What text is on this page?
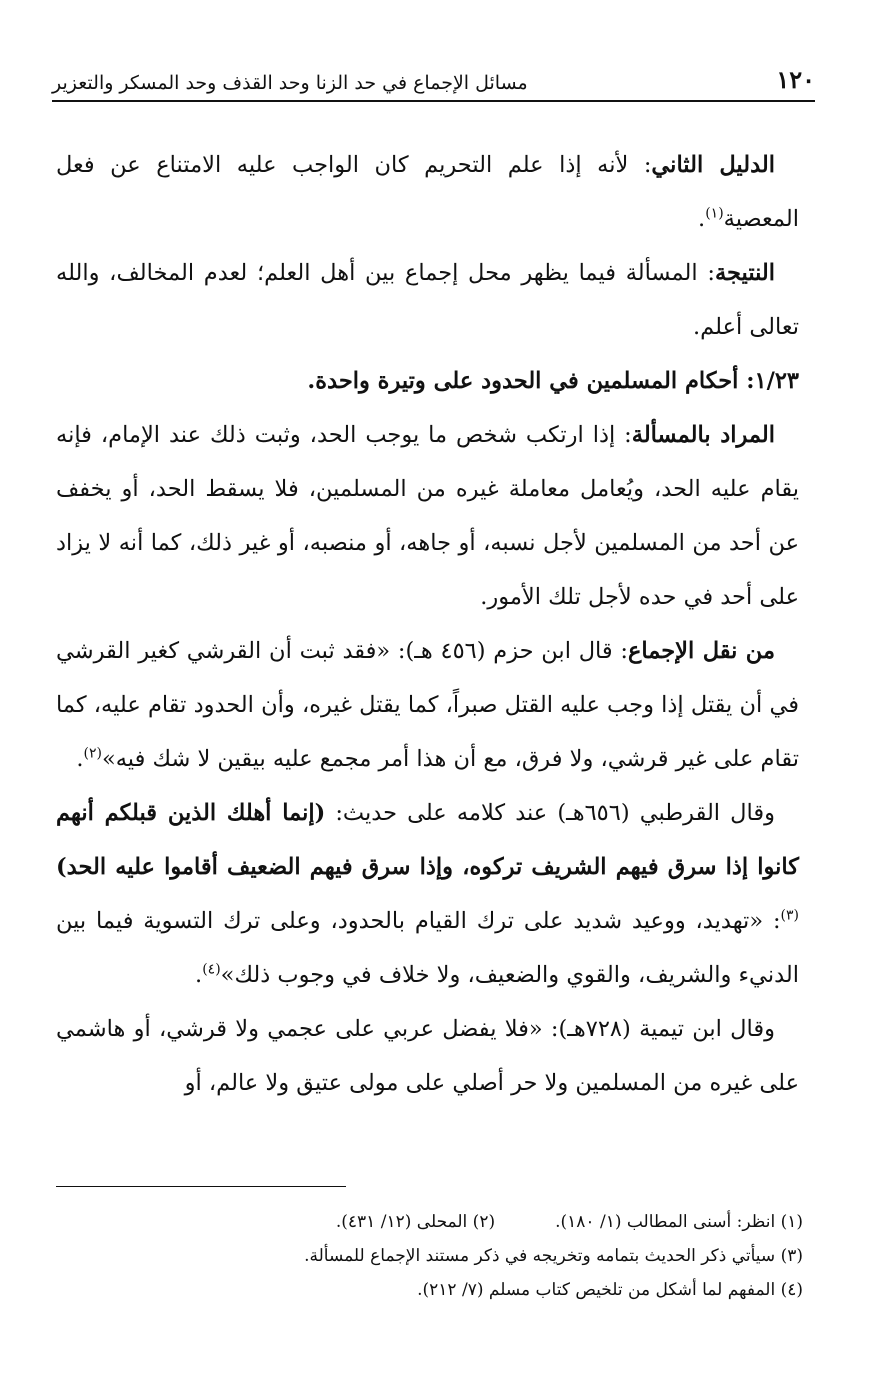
١٢٠
مسائل الإجماع في حد الزنا وحد القذف وحد المسكر والتعزير

الدليل الثاني: لأنه إذا علم التحريم كان الواجب عليه الامتناع عن فعل المعصية$^{(١)}$.

النتيجة: المسألة فيما يظهر محل إجماع بين أهل العلم؛ لعدم المخالف، والله تعالى أعلم.

١/٢٣: أحكام المسلمين في الحدود على وتيرة واحدة.

المراد بالمسألة: إذا ارتكب شخص ما يوجب الحد، وثبت ذلك عند الإمام، فإنه يقام عليه الحد، ويُعامل معاملة غيره من المسلمين، فلا يسقط الحد، أو يخفف عن أحد من المسلمين لأجل نسبه، أو جاهه، أو منصبه، أو غير ذلك، كما أنه لا يزاد على أحد في حده لأجل تلك الأمور.

من نقل الإجماع: قال ابن حزم (٤٥٦ هـ): «فقد ثبت أن القرشي كغير القرشي في أن يقتل إذا وجب عليه القتل صبراً، كما يقتل غيره، وأن الحدود تقام عليه، كما تقام على غير قرشي، ولا فرق، مع أن هذا أمر مجمع عليه بيقين لا شك فيه»$^{(٢)}$.

وقال القرطبي (٦٥٦هـ) عند كلامه على حديث: (إنما أهلك الذين قبلكم أنهم كانوا إذا سرق فيهم الشريف تركوه، وإذا سرق فيهم الضعيف أقاموا عليه الحد)$^{(٣)}$: «تهديد، ووعيد شديد على ترك القيام بالحدود، وعلى ترك التسوية فيما بين الدنيء والشريف، والقوي والضعيف، ولا خلاف في وجوب ذلك»$^{(٤)}$.

وقال ابن تيمية (٧٢٨هـ): «فلا يفضل عربي على عجمي ولا قرشي، أو هاشمي على غيره من المسلمين ولا حر أصلي على مولى عتيق ولا عالم، أو

(١) انظر: أسنى المطالب (١/ ١٨٠).
(٢) المحلى (١٢/ ٤٣١).
(٣) سيأتي ذكر الحديث بتمامه وتخريجه في ذكر مستند الإجماع للمسألة.
(٤) المفهم لما أشكل من تلخيص كتاب مسلم (٧/ ٢١٢).
